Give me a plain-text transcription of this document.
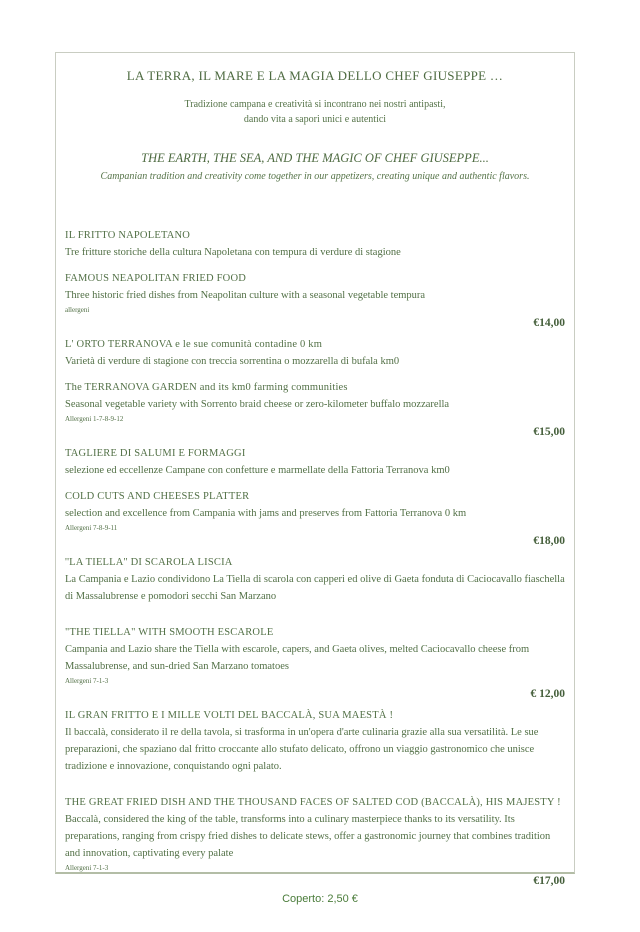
LA TERRA, IL MARE E LA MAGIA DELLO CHEF GIUSEPPE …
Tradizione campana e creatività si incontrano nei nostri antipasti,
dando vita a sapori unici e autentici
THE EARTH, THE SEA, AND THE MAGIC OF CHEF GIUSEPPE...
Campanian tradition and creativity come together in our appetizers, creating unique and authentic flavors.
IL FRITTO NAPOLETANO
Tre fritture storiche della cultura Napoletana con tempura di verdure di stagione
FAMOUS NEAPOLITAN FRIED FOOD
Three historic fried dishes from Neapolitan culture with a seasonal vegetable tempura
allergeni
€14,00
L' ORTO TERRANOVA e le sue comunità contadine 0 km
Varietà di verdure di stagione con treccia sorrentina o mozzarella di bufala km0
The TERRANOVA GARDEN and its km0 farming communities
Seasonal vegetable variety with Sorrento braid cheese or zero-kilometer buffalo mozzarella
Allergeni 1-7-8-9-12
€15,00
TAGLIERE DI SALUMI E FORMAGGI
selezione ed eccellenze Campane con confetture e marmellate della Fattoria Terranova km0
COLD CUTS AND CHEESES PLATTER
selection and excellence from Campania with jams and preserves from Fattoria Terranova 0 km
Allergeni 7-8-9-11
€18,00
''LA TIELLA'' DI SCAROLA LISCIA
La Campania e Lazio condividono La Tiella di scarola con capperi ed olive di Gaeta fonduta di Caciocavallo fiaschella di Massalubrense e pomodori secchi San Marzano
"THE TIELLA" WITH SMOOTH ESCAROLE
Campania and Lazio share the Tiella with escarole, capers, and Gaeta olives, melted Caciocavallo cheese from Massalubrense, and sun-dried San Marzano tomatoes
Allergeni 7-1-3
€ 12,00
IL GRAN FRITTO E I MILLE VOLTI DEL BACCALÀ, SUA MAESTÀ !
Il baccalà, considerato il re della tavola, si trasforma in un'opera d'arte culinaria grazie alla sua versatilità. Le sue preparazioni, che spaziano dal fritto croccante allo stufato delicato, offrono un viaggio gastronomico che unisce tradizione e innovazione, conquistando ogni palato.
THE GREAT FRIED DISH AND THE THOUSAND FACES OF SALTED COD (BACCALÀ), HIS MAJESTY !
Baccalà, considered the king of the table, transforms into a culinary masterpiece thanks to its versatility. Its preparations, ranging from crispy fried dishes to delicate stews, offer a gastronomic journey that combines tradition and innovation, captivating every palate
Allergeni 7-1-3
€17,00
Coperto: 2,50 €
